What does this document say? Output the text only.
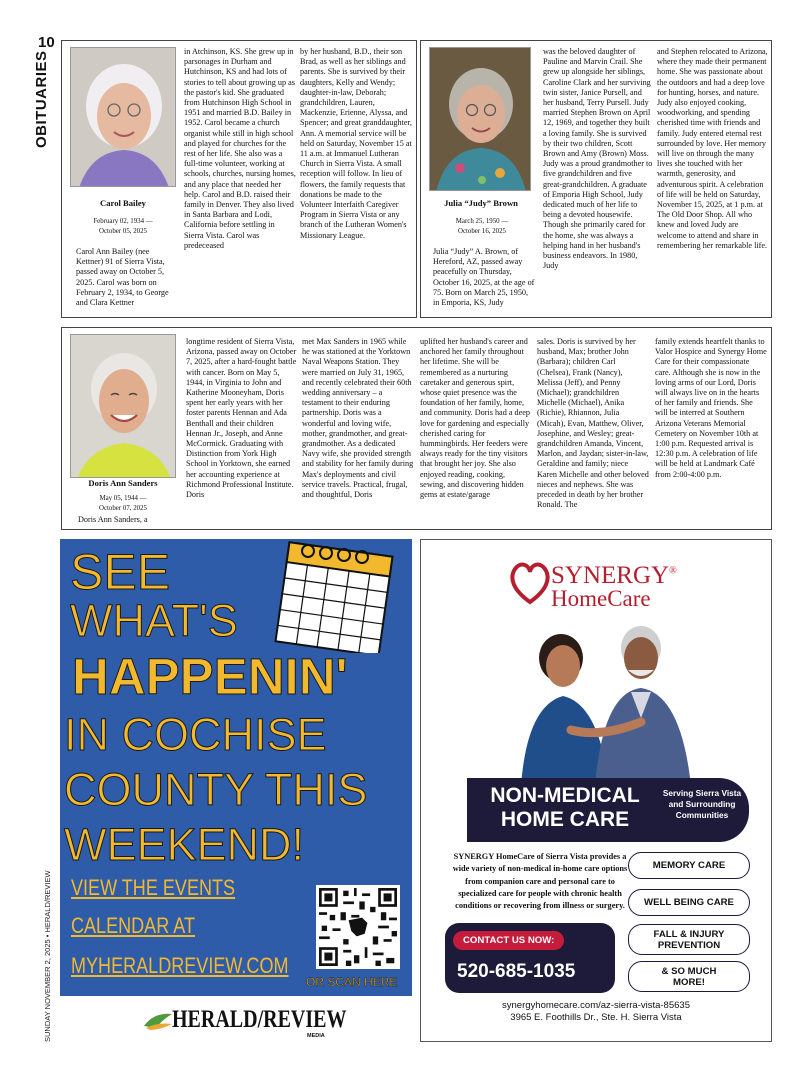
10
OBITUARIES
SUNDAY NOVEMBER 2, 2025 • HERALD/REVIEW
Carol Bailey
February 02, 1934 —
October 05, 2025
Carol Ann Bailey (nee Kettner) 91 of Sierra Vista, passed away on October 5, 2025. Carol was born on February 2, 1934, to George and Clara Kettner
in Atchinson, KS. She grew up in parsonages in Durham and Hutchinson, KS and had lots of stories to tell about growing up as the pastor's kid. She graduated from Hutchinson High School in 1951 and married B.D. Bailey in 1952. Carol became a church organist while still in high school and played for churches for the rest of her life. She also was a full-time volunteer, working at schools, churches, nursing homes, and any place that needed her help. Carol and B.D. raised their family in Denver. They also lived in Santa Barbara and Lodi, California before settling in Sierra Vista. Carol was predeceased
by her husband, B.D., their son Brad, as well as her siblings and parents. She is survived by their daughters, Kelly and Wendy; daughter-in-law, Deborah; grandchildren, Lauren, Mackenzie, Erienne, Alyssa, and Spencer; and great granddaughter, Ann. A memorial service will be held on Saturday, November 15 at 11 a.m. at Immanuel Lutheran Church in Sierra Vista. A small reception will follow. In lieu of flowers, the family requests that donations be made to the Volunteer Interfaith Caregiver Program in Sierra Vista or any branch of the Lutheran Women's Missionary League.
Julia “Judy” Brown
March 25, 1950 —
October 16, 2025
Julia “Judy” A. Brown, of Hereford, AZ, passed away peacefully on Thursday, October 16, 2025, at the age of 75. Born on March 25, 1950, in Emporia, KS, Judy
was the beloved daughter of Pauline and Marvin Crail. She grew up alongside her siblings, Caroline Clark and her surviving twin sister, Janice Pursell, and her husband, Terry Pursell. Judy married Stephen Brown on April 12, 1969, and together they built a loving family. She is survived by their two children, Scott Brown and Amy (Brown) Moss. Judy was a proud grandmother to five grandchildren and five great-grandchildren. A graduate of Emporia High School, Judy dedicated much of her life to being a devoted housewife. Though she primarily cared for the home, she was always a helping hand in her husband's business endeavors. In 1980, Judy
and Stephen relocated to Arizona, where they made their permanent home. She was passionate about the outdoors and had a deep love for hunting, horses, and nature. Judy also enjoyed cooking, woodworking, and spending cherished time with friends and family. Judy entered eternal rest surrounded by love. Her memory will live on through the many lives she touched with her warmth, generosity, and adventurous spirit. A celebration of life will be held on Saturday, November 15, 2025, at 1 p.m. at The Old Door Shop. All who knew and loved Judy are welcome to attend and share in remembering her remarkable life.
Doris Ann Sanders
May 05, 1944 —
October 07, 2025
Doris Ann Sanders, a
longtime resident of Sierra Vista, Arizona, passed away on October 7, 2025, after a hard-fought battle with cancer. Born on May 5, 1944, in Virginia to John and Katherine Mooneyham, Doris spent her early years with her foster parents Hennan and Ada Benthall and their children Hennan Jr., Joseph, and Anne McCormick. Graduating with Distinction from York High School in Yorktown, she earned her accounting experience at Richmond Professional Institute. Doris
met Max Sanders in 1965 while he was stationed at the Yorktown Naval Weapons Station. They were married on July 31, 1965, and recently celebrated their 60th wedding anniversary – a testament to their enduring partnership. Doris was a wonderful and loving wife, mother, grandmother, and great-grandmother. As a dedicated Navy wife, she provided strength and stability for her family during Max's deployments and civil service travels. Practical, frugal, and thoughtful, Doris
uplifted her husband's career and anchored her family throughout her lifetime. She will be remembered as a nurturing caretaker and generous spirt, whose quiet presence was the foundation of her family, home, and community. Doris had a deep love for gardening and especially cherished caring for hummingbirds. Her feeders were always ready for the tiny visitors that brought her joy. She also enjoyed reading, cooking, sewing, and discovering hidden gems at estate/garage
sales. Doris is survived by her husband, Max; brother John (Barbara); children Carl (Chelsea), Frank (Nancy), Melissa (Jeff), and Penny (Michael); grandchildren Michelle (Michael), Anika (Richie), Rhiannon, Julia (Micah), Evan, Matthew, Oliver, Josephine, and Wesley; great-grandchildren Amanda, Vincent, Marlon, and Jaydan; sister-in-law, Geraldine and family; niece Karen Michelle and other beloved nieces and nephews. She was preceded in death by her brother Ronald. The
family extends heartfelt thanks to Valor Hospice and Synergy Home Care for their compassionate care. Although she is now in the loving arms of our Lord, Doris will always live on in the hearts of her family and friends. She will be interred at Southern Arizona Veterans Memorial Cemetery on November 10th at 1:00 p.m. Requested arrival is 12:30 p.m. A celebration of life will be held at Landmark Café from 2:00-4:00 p.m.
SEE
WHAT'S
HAPPENIN'
IN COCHISE
COUNTY THIS
WEEKEND!
VIEW THE EVENTS
CALENDAR AT
MYHERALDREVIEW.COM
OR SCAN HERE
HERALD/REVIEW
MEDIA
SYNERGY®
HomeCare
NON-MEDICAL
HOME CARE
Serving Sierra Vista and Surrounding Communities
SYNERGY HomeCare of Sierra Vista provides a wide variety of non-medical in-home care options from companion care and personal care to specialized care for people with chronic health conditions or recovering from illness or surgery.
CONTACT US NOW:
520-685-1035
MEMORY CARE
WELL BEING CARE
FALL & INJURY PREVENTION
& SO MUCH MORE!
synergyhomecare.com/az-sierra-vista-85635
3965 E. Foothills Dr., Ste. H. Sierra Vista
